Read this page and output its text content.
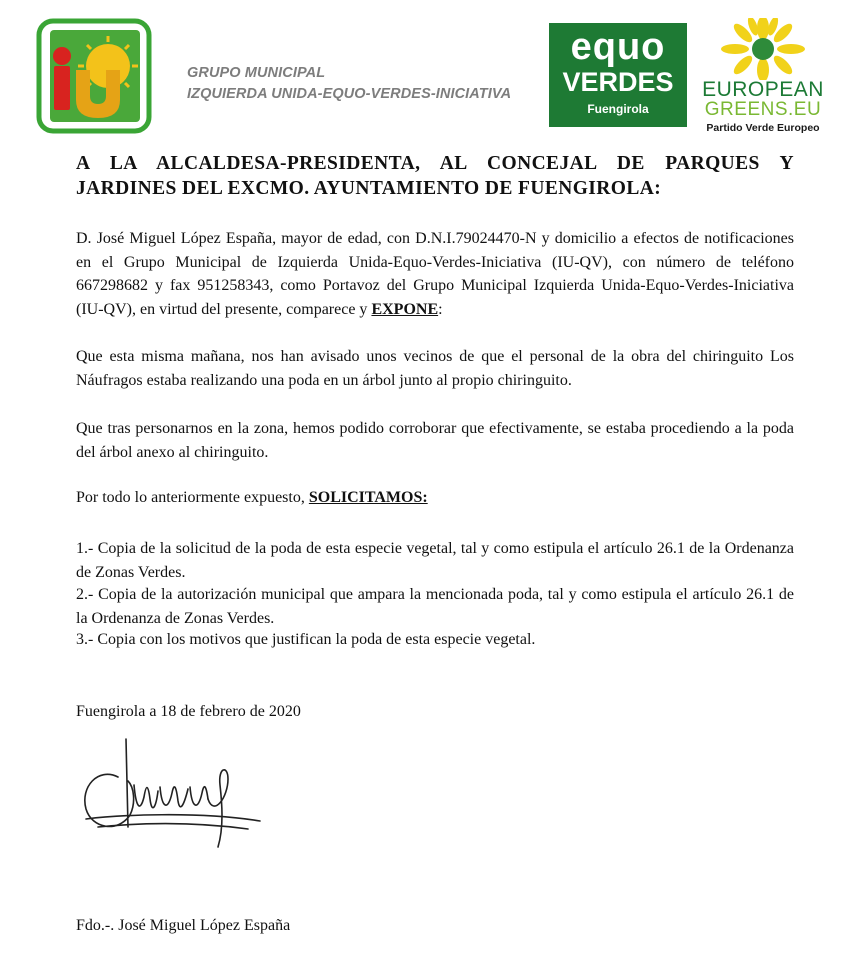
GRUPO MUNICIPAL
IZQUIERDA UNIDA-EQUO-VERDES-INICIATIVA
equo
VERDES
Fuengirola
EUROPEAN
GREENS.EU
Partido Verde Europeo
A LA ALCALDESA-PRESIDENTA, AL CONCEJAL DE PARQUES Y
JARDINES DEL EXCMO. AYUNTAMIENTO DE FUENGIROLA:
D. José Miguel López España, mayor de edad, con D.N.I.79024470-N y domicilio a efectos de notificaciones en el Grupo Municipal de Izquierda Unida-Equo-Verdes-Iniciativa (IU-QV), con número de teléfono 667298682 y fax 951258343, como Portavoz del Grupo Municipal Izquierda Unida-Equo-Verdes-Iniciativa (IU-QV), en virtud del presente, comparece y EXPONE:
Que esta misma mañana, nos han avisado unos vecinos de que el personal de la obra del chiringuito Los Náufragos estaba realizando una poda en un árbol junto al propio chiringuito.
Que tras personarnos en la zona, hemos podido corroborar que efectivamente, se estaba procediendo a la poda del árbol anexo al chiringuito.
Por todo lo anteriormente expuesto, SOLICITAMOS:
1.- Copia de la solicitud de la poda de esta especie vegetal, tal y como estipula el artículo 26.1 de la Ordenanza de Zonas Verdes.
2.- Copia de la autorización municipal que ampara la mencionada poda, tal y como estipula el artículo 26.1 de la Ordenanza de Zonas Verdes.
3.- Copia con los motivos que justifican la poda de esta especie vegetal.
Fuengirola a 18 de febrero de 2020
Fdo.-. José Miguel López España
